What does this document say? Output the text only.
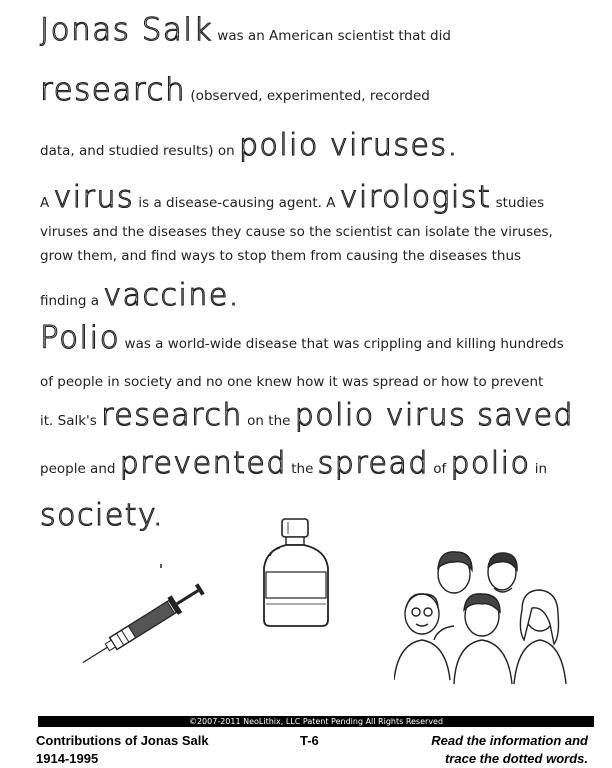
Jonas Salk was an American scientist that did
research (observed, experimented, recorded
data, and studied results) on polio viruses.
A virus is a disease-causing agent. A virologist studies
viruses and the diseases they cause so the scientist can isolate the viruses,
grow them, and find ways to stop them from causing the diseases thus
finding a vaccine.
Polio was a world-wide disease that was crippling and killing hundreds
of people in society and no one knew how it was spread or how to prevent
it. Salk's research on the polio virus saved
people and prevented the spread of polio in
society.
©2007-2011 NeoLithix, LLC Patent Pending All Rights Reserved
Contributions of Jonas Salk
1914-1995
T-6	Read the information and
trace the dotted words.
